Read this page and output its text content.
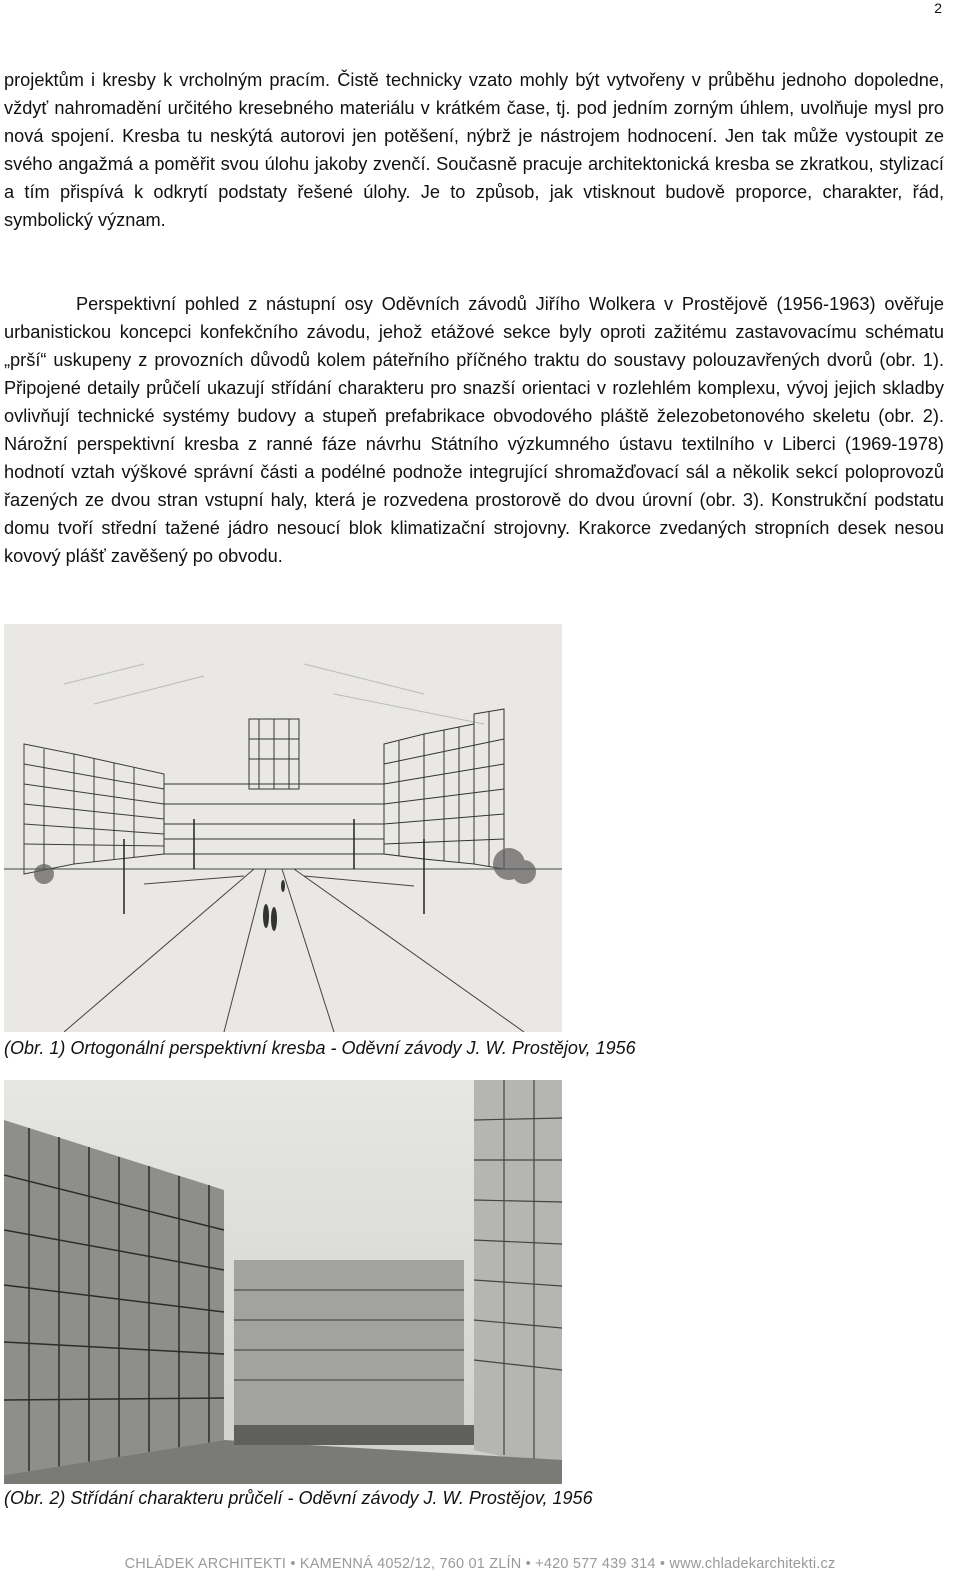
2

projektům i kresby k vrcholným pracím. Čistě technicky vzato mohly být vytvořeny v průběhu jednoho dopoledne, vždyť nahromadění určitého kresebného materiálu v krátkém čase, tj. pod jedním zorným úhlem, uvolňuje mysl pro nová spojení. Kresba tu neskýtá autorovi jen potěšení, nýbrž je nástrojem hodnocení. Jen tak může vystoupit ze svého angažmá a poměřit svou úlohu jakoby zvenčí. Současně pracuje architektonická kresba se zkratkou, stylizací a tím přispívá k odkrytí podstaty řešené úlohy. Je to způsob, jak vtisknout budově proporce, charakter, řád, symbolický význam.

Perspektivní pohled z nástupní osy Oděvních závodů Jiřího Wolkera v Prostějově (1956-1963) ověřuje urbanistickou koncepci konfekčního závodu, jehož etážové sekce byly oproti zažitému zastavovacímu schématu „prší“ uskupeny z provozních důvodů kolem páteřního příčného traktu do soustavy polouzavřených dvorů (obr. 1). Připojené detaily průčelí ukazují střídání charakteru pro snazší orientaci v rozlehlém komplexu, vývoj jejich skladby ovlivňují technické systémy budovy a stupeň prefabrikace obvodového pláště železobetonového skeletu (obr. 2). Nárožní perspektivní kresba z ranné fáze návrhu Státního výzkumného ústavu textilního v Liberci (1969-1978) hodnotí vztah výškové správní části a podélné podnože integrující shromažďovací sál a několik sekcí poloprovozů řazených ze dvou stran vstupní haly, která je rozvedena prostorově do dvou úrovní (obr. 3). Konstrukční podstatu domu tvoří střední tažené jádro nesoucí blok klimatizační strojovny. Krakorce zvedaných stropních desek nesou kovový plášť zavěšený po obvodu.

(Obr. 1) Ortogonální perspektivní kresba - Oděvní závody J. W. Prostějov, 1956
(Obr. 2) Střídání charakteru průčelí - Oděvní závody J. W. Prostějov, 1956
CHLÁDEK ARCHITEKTI • KAMENNÁ 4052/12, 760 01 ZLÍN • +420 577 439 314 • www.chladekarchitekti.cz
